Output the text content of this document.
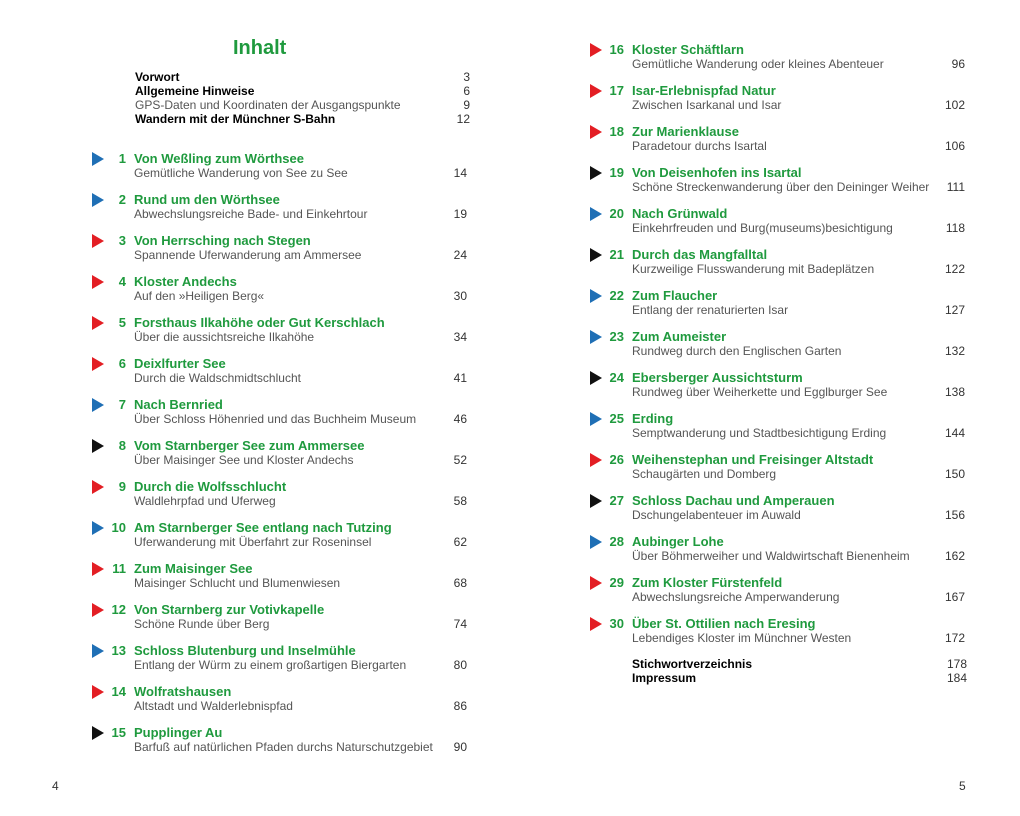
Inhalt
Vorwort	3
Allgemeine Hinweise	6
GPS-Daten und Koordinaten der Ausgangspunkte	9
Wandern mit der Münchner S-Bahn	12
1 Von Weßling zum Wörthsee
Gemütliche Wanderung von See zu See	14
2 Rund um den Wörthsee
Abwechslungsreiche Bade- und Einkehrtour	19
3 Von Herrsching nach Stegen
Spannende Uferwanderung am Ammersee	24
4 Kloster Andechs
Auf den »Heiligen Berg«	30
5 Forsthaus Ilkahöhe oder Gut Kerschlach
Über die aussichtsreiche Ilkahöhe	34
6 Deixlfurter See
Durch die Waldschmidtschlucht	41
7 Nach Bernried
Über Schloss Höhenried und das Buchheim Museum	46
8 Vom Starnberger See zum Ammersee
Über Maisinger See und Kloster Andechs	52
9 Durch die Wolfsschlucht
Waldlehrpfad und Uferweg	58
10 Am Starnberger See entlang nach Tutzing
Uferwanderung mit Überfahrt zur Roseninsel	62
11 Zum Maisinger See
Maisinger Schlucht und Blumenwiesen	68
12 Von Starnberg zur Votivkapelle
Schöne Runde über Berg	74
13 Schloss Blutenburg und Inselmühle
Entlang der Würm zu einem großartigen Biergarten	80
14 Wolfratshausen
Altstadt und Walderlebnispfad	86
15 Pupplinger Au
Barfuß auf natürlichen Pfaden durchs Naturschutzgebiet 90
4
16 Kloster Schäftlarn
Gemütliche Wanderung oder kleines Abenteuer	96
17 Isar-Erlebnispfad Natur
Zwischen Isarkanal und Isar	102
18 Zur Marienklause
Paradetour durchs Isartal	106
19 Von Deisenhofen ins Isartal
Schöne Streckenwanderung über den Deininger Weiher 111
20 Nach Grünwald
Einkehrfreuden und Burg(museums)besichtigung	118
21 Durch das Mangfalltal
Kurzweilige Flusswanderung mit Badeplätzen	122
22 Zum Flaucher
Entlang der renaturierten Isar	127
23 Zum Aumeister
Rundweg durch den Englischen Garten	132
24 Ebersberger Aussichtsturm
Rundweg über Weiherkette und Egglburger See	138
25 Erding
Semptwanderung und Stadtbesichtigung Erding	144
26 Weihenstephan und Freisinger Altstadt
Schaugärten und Domberg	150
27 Schloss Dachau und Amperauen
Dschungelabenteuer im Auwald	156
28 Aubinger Lohe
Über Böhmerweiher und Waldwirtschaft Bienenheim	162
29 Zum Kloster Fürstenfeld
Abwechslungsreiche Amperwanderung	167
30 Über St. Ottilien nach Eresing
Lebendiges Kloster im Münchner Westen	172
Stichwortverzeichnis	178
Impressum	184
5
